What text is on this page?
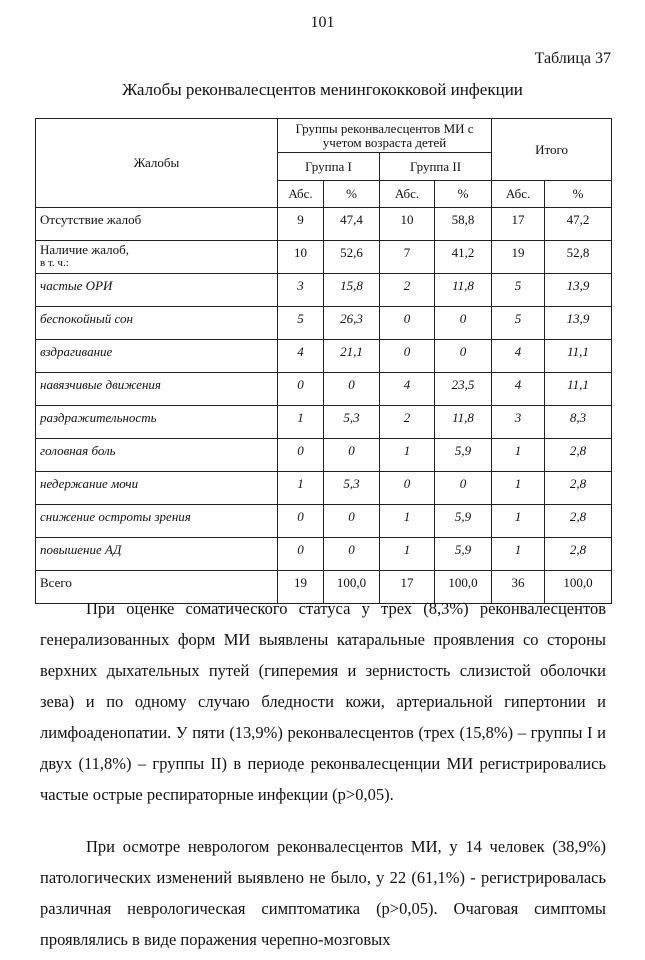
101
Таблица 37
Жалобы реконвалесцентов менингококковой инфекции
Жалобы	Группы реконвалесцентов МИ с учетом возраста детей				Итого	
	Группа I		Группа II			
	Абс.	%	Абс.	%	Абс.	%
Отсутствие жалоб	9	47,4	10	58,8	17	47,2
Наличие жалоб,
в т. ч.:	10	52,6	7	41,2	19	52,8
частые ОРИ	3	15,8	2	11,8	5	13,9
беспокойный сон	5	26,3	0	0	5	13,9
вздрагивание	4	21,1	0	0	4	11,1
навязчивые движения	0	0	4	23,5	4	11,1
раздражительность	1	5,3	2	11,8	3	8,3
головная боль	0	0	1	5,9	1	2,8
недержание мочи	1	5,3	0	0	1	2,8
снижение остроты зрения	0	0	1	5,9	1	2,8
повышение АД	0	0	1	5,9	1	2,8
Всего	19	100,0	17	100,0	36	100,0

При оценке соматического статуса у трех (8,3%) реконвалесцентов генерализованных форм МИ выявлены катаральные проявления со стороны верхних дыхательных путей (гиперемия и зернистость слизистой оболочки зева) и по одному случаю бледности кожи, артериальной гипертонии и лимфоаденопатии. У пяти (13,9%) реконвалесцентов (трех (15,8%) – группы I и двух (11,8%) – группы II) в периоде реконвалесценции МИ регистрировались частые острые респираторные инфекции (p>0,05).

При осмотре неврологом реконвалесцентов МИ, у 14 человек (38,9%) патологических изменений выявлено не было, у 22 (61,1%) - регистрировалась различная неврологическая симптоматика (p>0,05). Очаговая симптомы проявлялись в виде поражения черепно-мозговых
